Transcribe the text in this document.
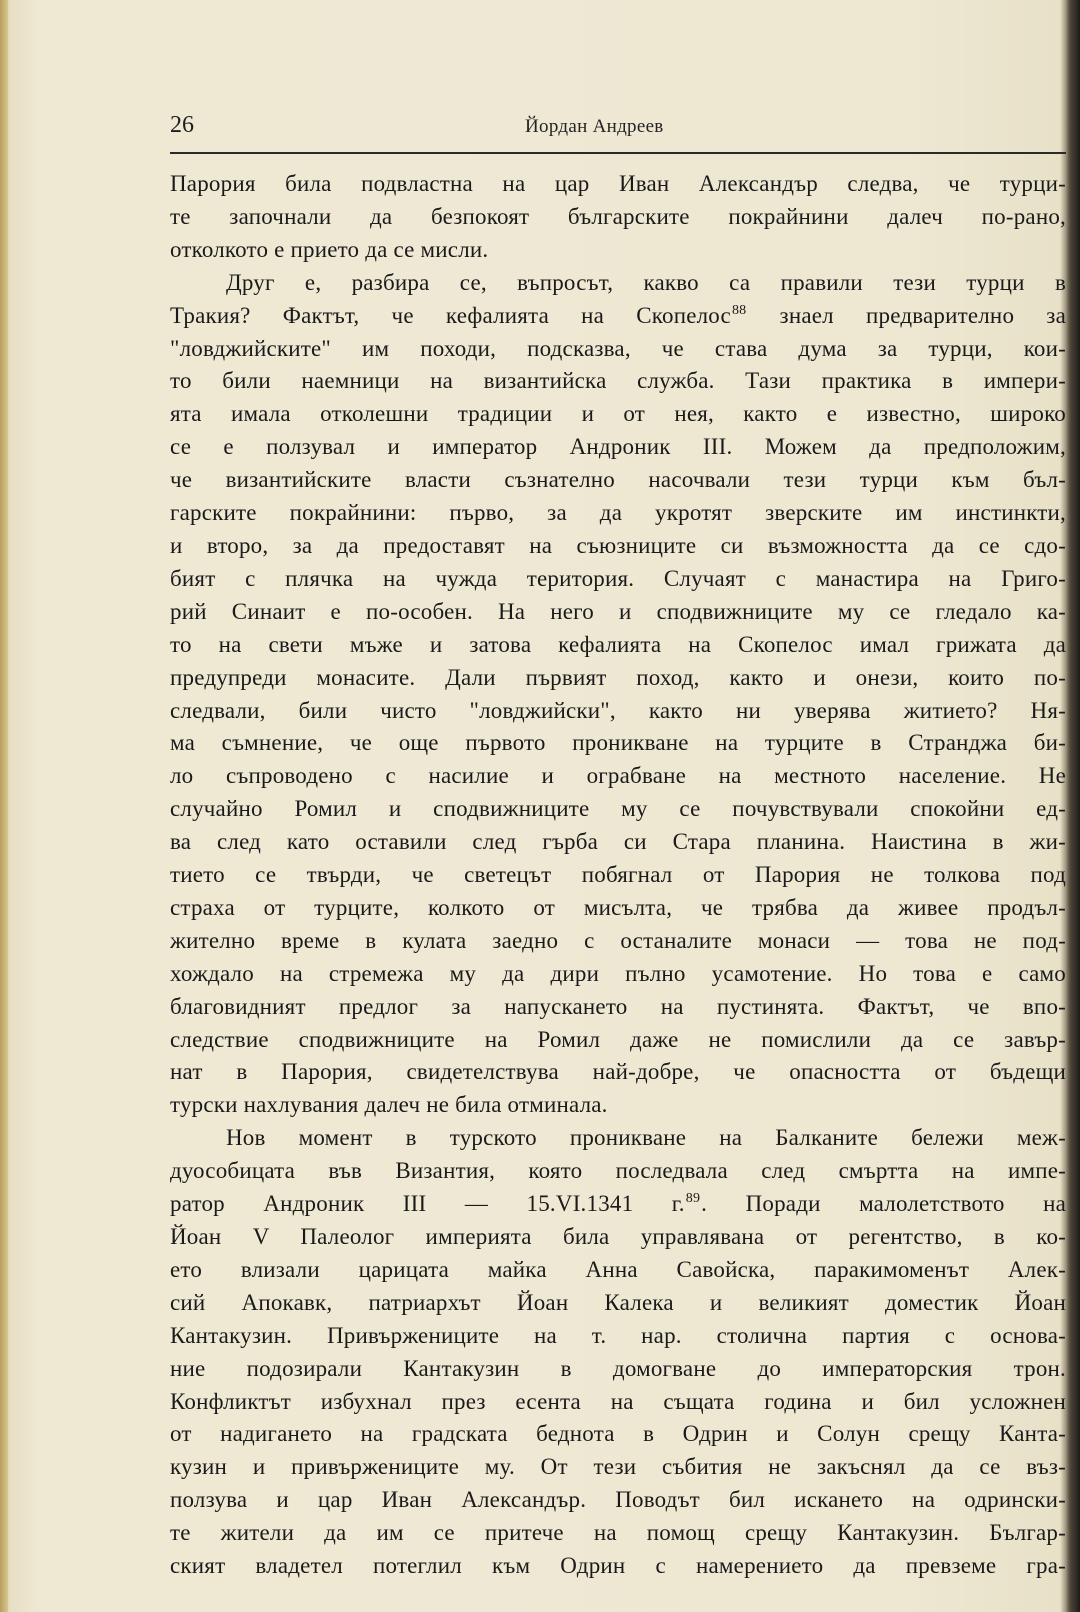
26	Йордан Андреев
Пароpия била подвластна на цар Иван Александър следва, че турци-
те започнали да безпокоят българските покрайнини далеч по-рано,
отколкото е прието да се мисли.
Друг е, разбира се, въпросът, какво са правили тези турци в
Тракия? Фактът, че кефалията на Скопелос$^{88}$ знаел предварително за
"ловджийските" им походи, подсказва, че става дума за турци, кои-
то били наемници на византийска служба. Тази практика в импери-
ята имала отколешни традиции и от нея, както е известно, широко
се е ползувал и император Андроник III. Можем да предположим,
че византийските власти съзнателно насочвали тези турци към бъл-
гарските покрайнини: първо, за да укротят зверските им инстинкти,
и второ, за да предоставят на съюзниците си възможността да се сдо-
бият с плячка на чужда територия. Случаят с манастира на Григо-
рий Синаит е по-особен. На него и сподвижниците му се гледало ка-
то на свети мъже и затова кефалията на Скопелос имал грижата да
предупреди монасите. Дали първият поход, както и онези, които по-
следвали, били чисто "ловджийски", както ни уверява житието? Ня-
ма съмнение, че още първото проникване на турците в Странджа би-
ло съпроводено с насилие и ограбване на местното население. Не
случайно Ромил и сподвижниците му се почувствували спокойни ед-
ва след като оставили след гърба си Стара планина. Наистина в жи-
тието се твърди, че светецът побягнал от Парория не толкова под
страха от турците, колкото от мисълта, че трябва да живее продъл-
жително време в кулата заедно с останалите монаси — това не под-
хождало на стремежа му да дири пълно усамотение. Но това е само
благовидният предлог за напускането на пустинята. Фактът, че впо-
следствие сподвижниците на Ромил даже не помислили да се завър-
нат в Парория, свидетелствува най-добре, че опасността от бъдещи
турски нахлувания далеч не била отминала.
Нов момент в турското проникване на Балканите бележи меж-
дуособицата във Византия, която последвала след смъртта на импе-
ратор Андроник III — 15.VI.1341 г.$^{89}$. Поради малолетството на
Йоан V Палеолог империята била управлявана от регентство, в ко-
ето влизали царицата майка Анна Савойска, паракимоменът Алек-
сий Апокавк, патриархът Йоан Калека и великият доместик Йоан
Кантакузин. Привържениците на т. нар. столична партия с основа-
ние подозирали Кантакузин в домогване до императорския трон.
Конфликтът избухнал през есента на същата година и бил усложнен
от надигането на градската беднота в Одрин и Солун срещу Канта-
кузин и привържениците му. От тези събития не закъснял да се въз-
ползува и цар Иван Александър. Поводът бил искането на одрински-
те жители да им се притече на помощ срещу Кантакузин. Българ-
ският владетел потеглил към Одрин с намерението да превземе гра-
